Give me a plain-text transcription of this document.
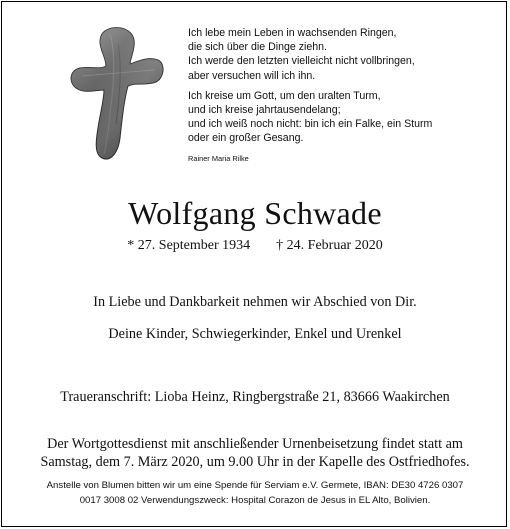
Ich lebe mein Leben in wachsenden Ringen,
die sich über die Dinge ziehn.
Ich werde den letzten vielleicht nicht vollbringen,
aber versuchen will ich ihn.
Ich kreise um Gott, um den uralten Turm,
und ich kreise jahrtausendelang;
und ich weiß noch nicht: bin ich ein Falke, ein Sturm
oder ein großer Gesang.
Rainer Maria Rilke
Wolfgang Schwade
* 27. September 1934 † 24. Februar 2020
In Liebe und Dankbarkeit nehmen wir Abschied von Dir.
Deine Kinder, Schwiegerkinder, Enkel und Urenkel
Traueranschrift: Lioba Heinz, Ringbergstraße 21, 83666 Waakirchen
Der Wortgottesdienst mit anschließender Urnenbeisetzung findet statt am
Samstag, dem 7. März 2020, um 9.00 Uhr in der Kapelle des Ostfriedhofes.
Anstelle von Blumen bitten wir um eine Spende für Serviam e.V. Germete, IBAN: DE30 4726 0307
0017 3008 02 Verwendungszweck: Hospital Corazon de Jesus in EL Alto, Bolivien.
